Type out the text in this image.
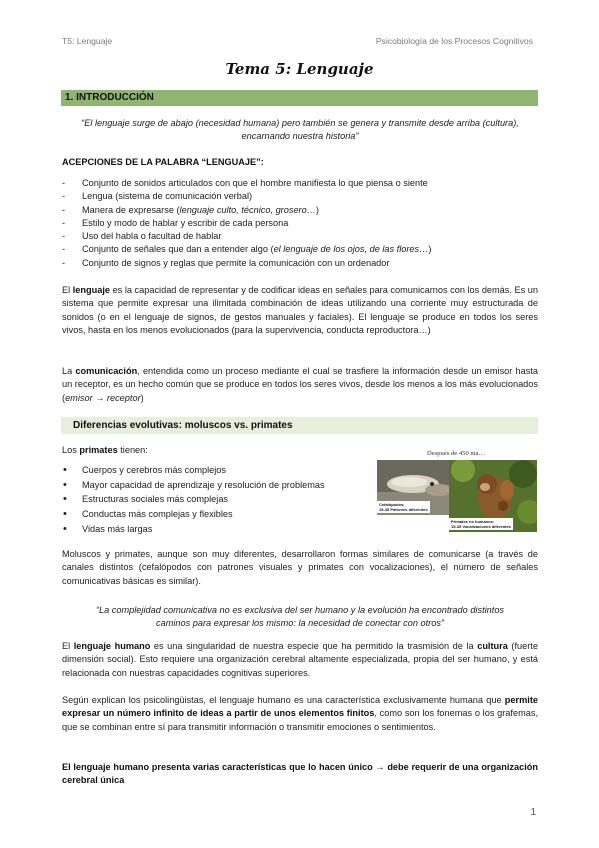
T5: Lenguaje	Psicobiología de los Procesos Cognitivos
Tema 5: Lenguaje
1. INTRODUCCIÓN
“El lenguaje surge de abajo (necesidad humana) pero también se genera y transmite desde arriba (cultura), encarnando nuestra historia”
ACEPCIONES DE LA PALABRA “LENGUAJE”:
- Conjunto de sonidos articulados con que el hombre manifiesta lo que piensa o siente
- Lengua (sistema de comunicación verbal)
- Manera de expresarse (lenguaje culto, técnico, grosero…)
- Estilo y modo de hablar y escribir de cada persona
- Uso del habla o facultad de hablar
- Conjunto de señales que dan a entender algo (el lenguaje de los ojos, de las flores…)
- Conjunto de signos y reglas que permite la comunicación con un ordenador

El lenguaje es la capacidad de representar y de codificar ideas en señales para comunicarnos con los demás. Es un sistema que permite expresar una ilimitada combinación de ideas utilizando una corriente muy estructurada de sonidos (o en el lenguaje de signos, de gestos manuales y faciales). El lenguaje se produce en todos los seres vivos, hasta en los menos evolucionados (para la supervivencia, conducta reproductora…)

La comunicación, entendida como un proceso mediante el cual se trasfiere la información desde un emisor hasta un receptor, es un hecho común que se produce en todos los seres vivos, desde los menos a los más evolucionados (emisor → receptor)

Diferencias evolutivas: moluscos vs. primates
Los primates tienen:
• Cuerpos y cerebros más complejos
• Mayor capacidad de aprendizaje y resolución de problemas
• Estructuras sociales más complejas
• Conductas más complejas y flexibles
• Vidas más largas
Después de 450 ma…
Cefalópodos:
15-35 Patrones diferentes
Primates no humanos:
15-35 Vocalizaciones diferentes

Moluscos y primates, aunque son muy diferentes, desarrollaron formas similares de comunicarse (a través de canales distintos (cefalópodos con patrones visuales y primates con vocalizaciones), el número de señales comunicativas básicas es similar).

“La complejidad comunicativa no es exclusiva del ser humano y la evolución ha encontrado distintos caminos para expresar los mismo: la necesidad de conectar con otros”

El lenguaje humano es una singularidad de nuestra especie que ha permitido la trasmisión de la cultura (fuerte dimensión social). Esto requiere una organización cerebral altamente especializada, propia del ser humano, y está relacionada con nuestras capacidades cognitivas superiores.

Según explican los psicolingüistas, el lenguaje humano es una característica exclusivamente humana que permite expresar un número infinito de ideas a partir de unos elementos finitos, como son los fonemas o los grafemas, que se combinan entre sí para transmitir información o transmitir emociones o sentimientos.

El lenguaje humano presenta varias características que lo hacen único → debe requerir de una organización cerebral única

1
